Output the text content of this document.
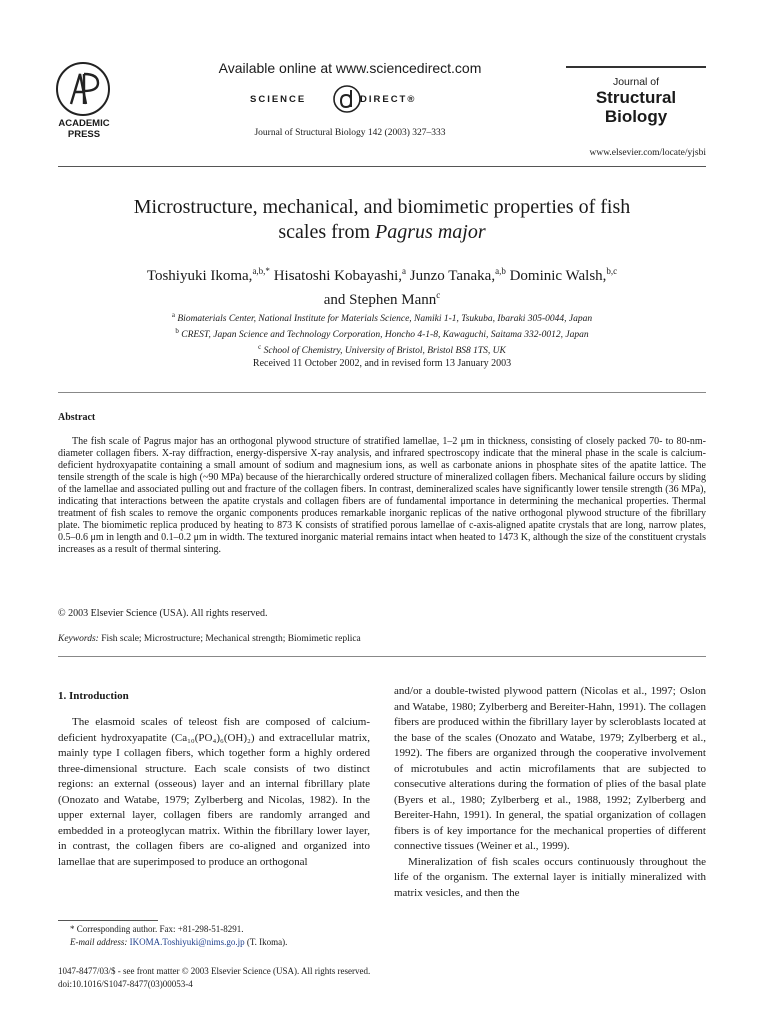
ACADEMIC
PRESS
Available online at www.sciencedirect.com
SCIENCE	DIRECT®
Journal of Structural Biology 142 (2003) 327–333
Journal of
Structural
Biology
www.elsevier.com/locate/yjsbi
Microstructure, mechanical, and biomimetic properties of fish
scales from Pagrus major
Toshiyuki Ikoma,$^{a,b,*}$ Hisatoshi Kobayashi,$^a$ Junzo Tanaka,$^{a,b}$ Dominic Walsh,$^{b,c}$
and Stephen Mann$^c$
$^a$ Biomaterials Center, National Institute for Materials Science, Namiki 1-1, Tsukuba, Ibaraki 305-0044, Japan
$^b$ CREST, Japan Science and Technology Corporation, Honcho 4-1-8, Kawaguchi, Saitama 332-0012, Japan
$^c$ School of Chemistry, University of Bristol, Bristol BS8 1TS, UK
Received 11 October 2002, and in revised form 13 January 2003
Abstract

The fish scale of Pagrus major has an orthogonal plywood structure of stratified lamellae, 1–2 μm in thickness, consisting of closely packed 70- to 80-nm-diameter collagen fibers. X-ray diffraction, energy-dispersive X-ray analysis, and infrared spectroscopy indicate that the mineral phase in the scale is calcium-deficient hydroxyapatite containing a small amount of sodium and magnesium ions, as well as carbonate anions in phosphate sites of the apatite lattice. The tensile strength of the scale is high (~90 MPa) because of the hierarchically ordered structure of mineralized collagen fibers. Mechanical failure occurs by sliding of the lamellae and associated pulling out and fracture of the collagen fibers. In contrast, demineralized scales have significantly lower tensile strength (36 MPa), indicating that interactions between the apatite crystals and collagen fibers are of fundamental importance in determining the mechanical properties. Thermal treatment of fish scales to remove the organic components produces remarkable inorganic replicas of the native orthogonal plywood structure of the fibrillary plate. The biomimetic replica produced by heating to 873 K consists of stratified porous lamellae of c-axis-aligned apatite crystals that are long, narrow plates, 0.5–0.6 μm in length and 0.1–0.2 μm in width. The textured inorganic material remains intact when heated to 1473 K, although the size of the constituent crystals increases as a result of thermal sintering.

© 2003 Elsevier Science (USA). All rights reserved.
Keywords: Fish scale; Microstructure; Mechanical strength; Biomimetic replica
1. Introduction

The elasmoid scales of teleost fish are composed of calcium-deficient hydroxyapatite (Ca₁₀(PO₄)₆(OH)₂) and extracellular matrix, mainly type I collagen fibers, which together form a highly ordered three-dimensional structure. Each scale consists of two distinct regions: an external (osseous) layer and an internal fibrillary plate (Onozato and Watabe, 1979; Zylberberg and Nicolas, 1982). In the upper external layer, collagen fibers are randomly arranged and embedded in a proteoglycan matrix. Within the fibrillary lower layer, in contrast, the collagen fibers are co-aligned and organized into lamellae that are superimposed to produce an orthogonal

and/or a double-twisted plywood pattern (Nicolas et al., 1997; Oslon and Watabe, 1980; Zylberberg and Bereiter-Hahn, 1991). The collagen fibers are produced within the fibrillary layer by scleroblasts located at the base of the scales (Onozato and Watabe, 1979; Zylberberg et al., 1992). The fibers are organized through the cooperative involvement of microtubules and actin microfilaments that are subjected to consecutive alterations during the formation of plies of the basal plate (Byers et al., 1980; Zylberberg et al., 1988, 1992; Zylberberg and Bereiter-Hahn, 1991). In general, the spatial organization of collagen fibers is of key importance for the mechanical properties of different connective tissues (Weiner et al., 1999).

Mineralization of fish scales occurs continuously throughout the life of the organism. The external layer is initially mineralized with matrix vesicles, and then the

* Corresponding author. Fax: +81-298-51-8291.
E-mail address: IKOMA.Toshiyuki@nims.go.jp (T. Ikoma).
1047-8477/03/$ - see front matter © 2003 Elsevier Science (USA). All rights reserved.
doi:10.1016/S1047-8477(03)00053-4
